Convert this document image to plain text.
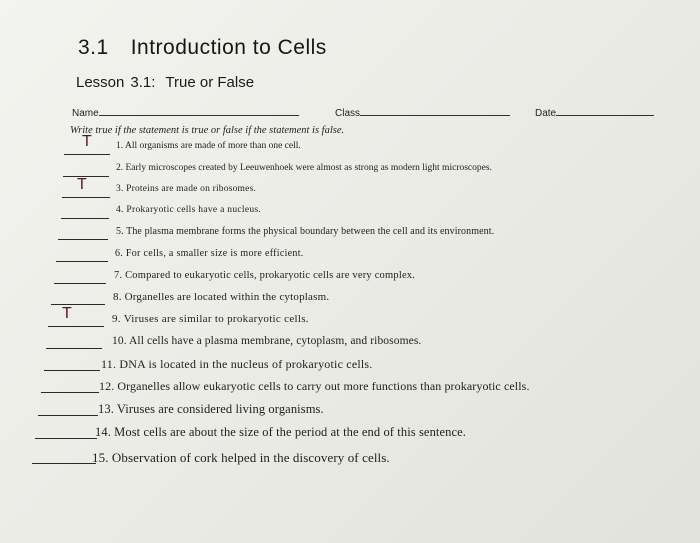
3.1 Introduction to Cells
Lesson 3.1: True or False
Name	Class	Date
Write true if the statement is true or false if the statement is false.
T	1. All organisms are made of more than one cell.
2. Early microscopes created by Leeuwenhoek were almost as strong as modern light microscopes.
T	3. Proteins are made on ribosomes.
4. Prokaryotic cells have a nucleus.
5. The plasma membrane forms the physical boundary between the cell and its environment.
6. For cells, a smaller size is more efficient.
7. Compared to eukaryotic cells, prokaryotic cells are very complex.
8. Organelles are located within the cytoplasm.
T	9. Viruses are similar to prokaryotic cells.
10. All cells have a plasma membrane, cytoplasm, and ribosomes.
11. DNA is located in the nucleus of prokaryotic cells.
12. Organelles allow eukaryotic cells to carry out more functions than prokaryotic cells.
13. Viruses are considered living organisms.
14. Most cells are about the size of the period at the end of this sentence.
15. Observation of cork helped in the discovery of cells.
